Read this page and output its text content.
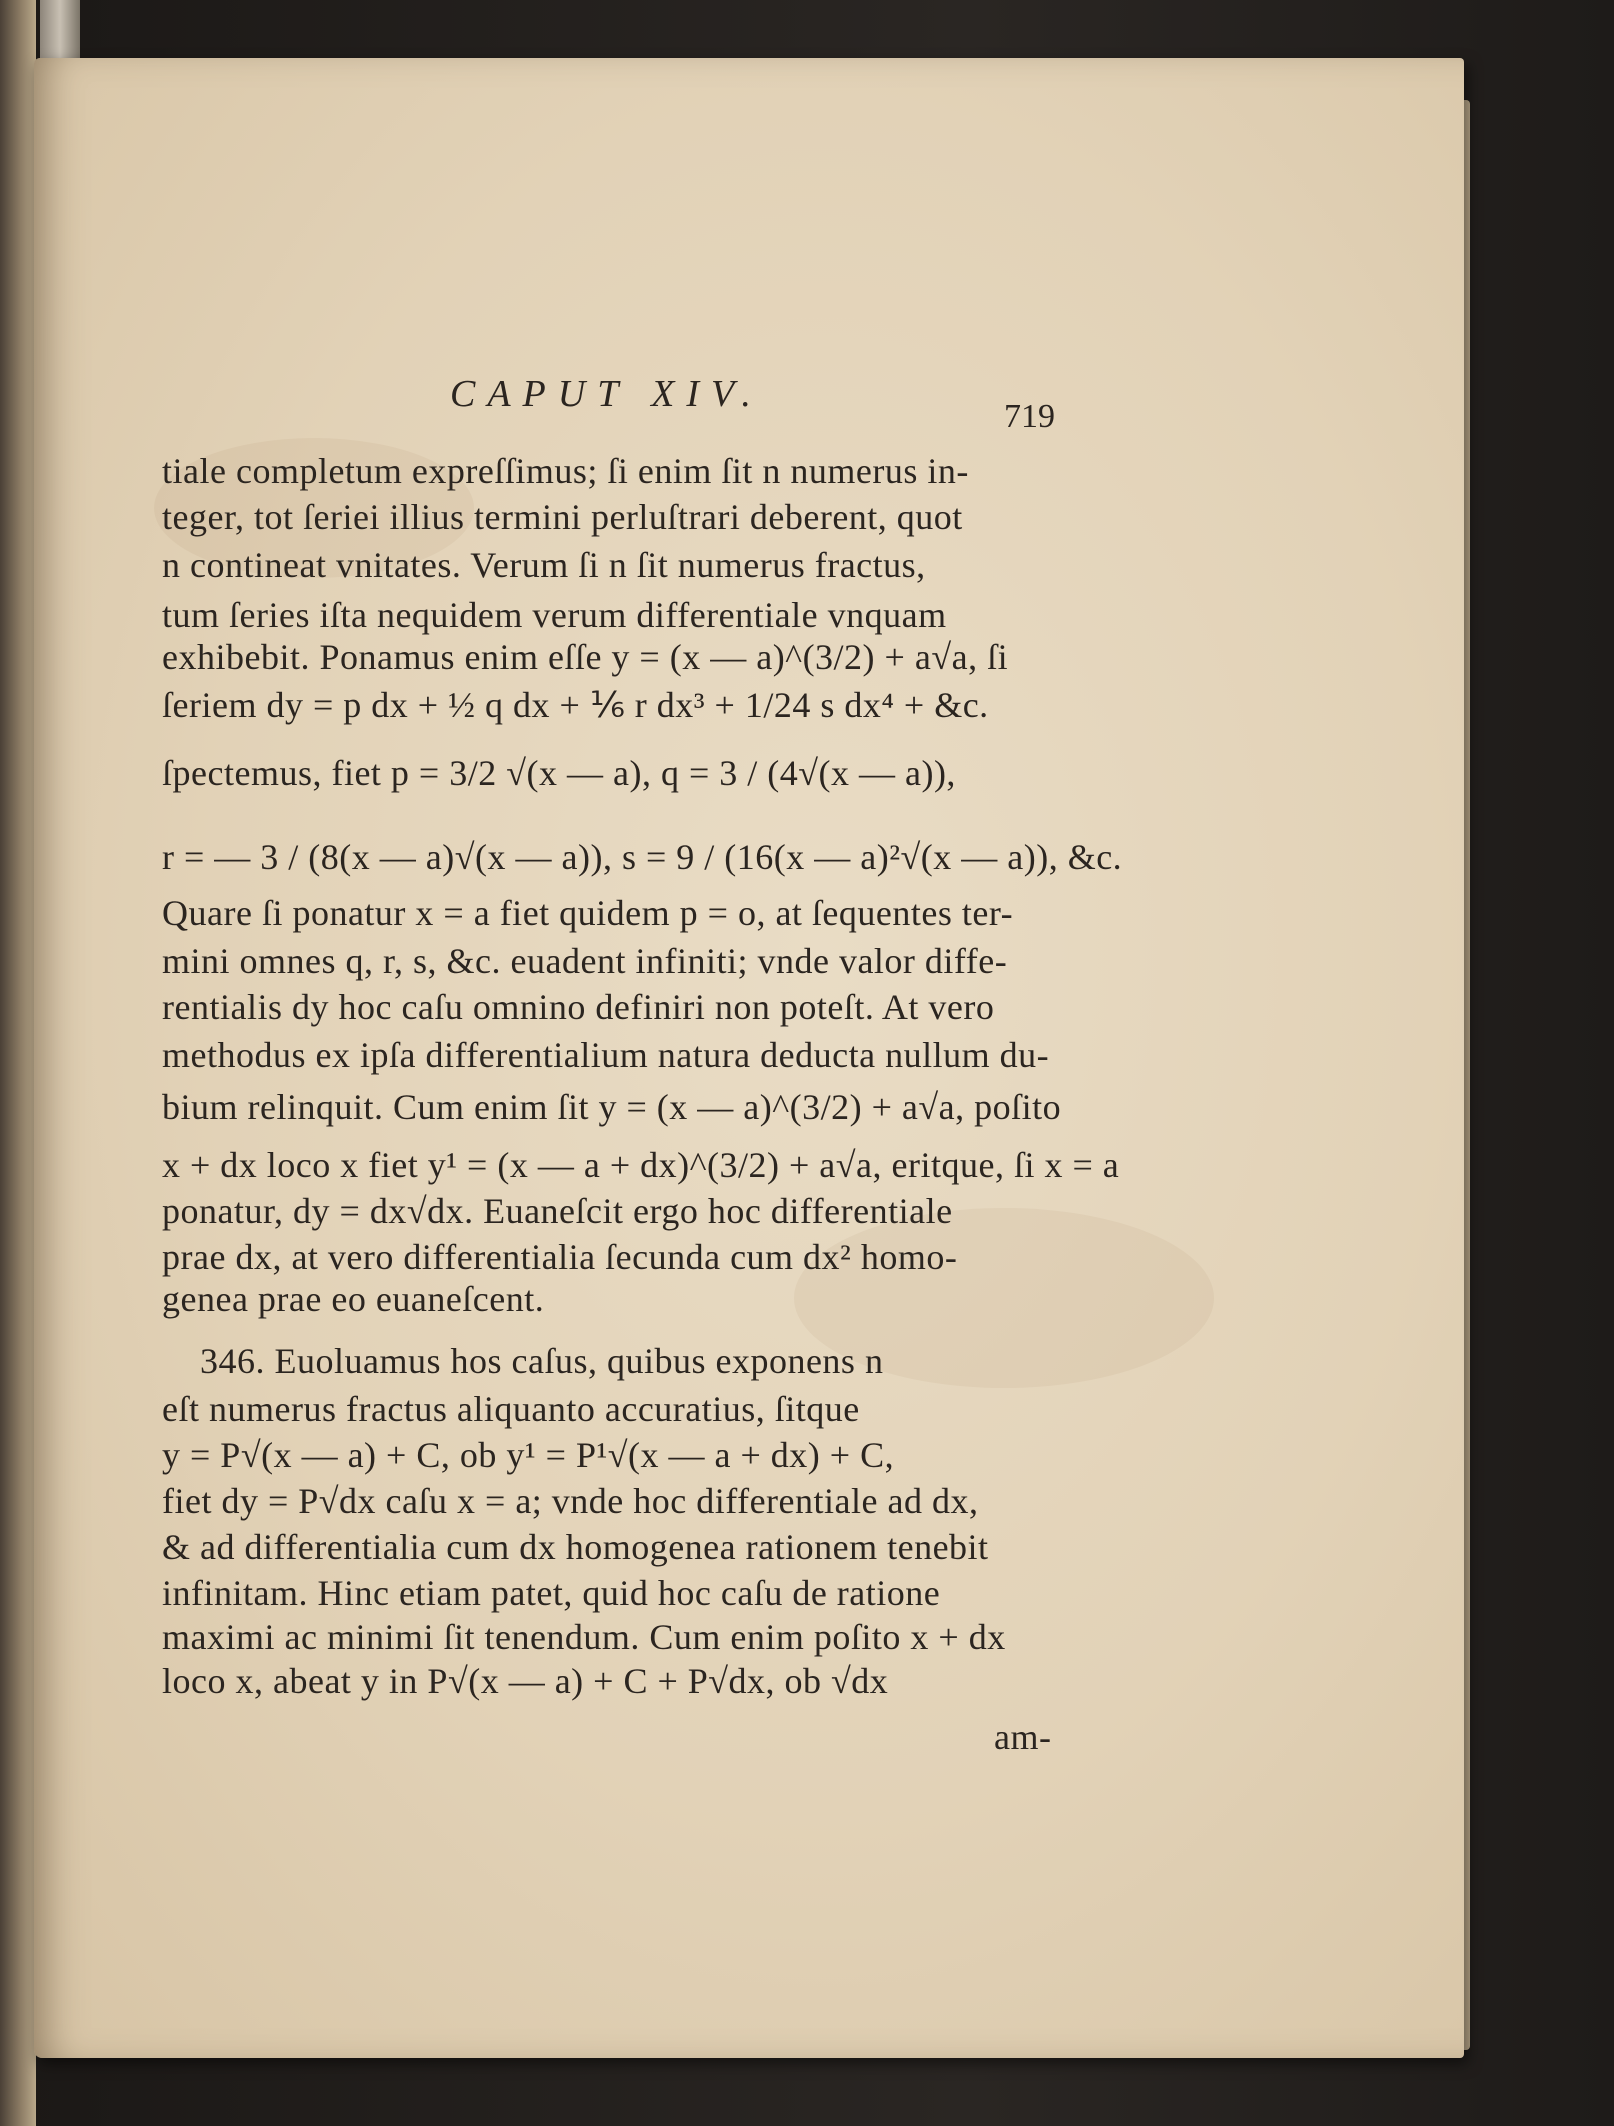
CAPUT XIV.
719
tiale completum expreſſimus; ſi enim ſit n numerus in-
teger, tot ſeriei illius termini perluſtrari deberent, quot
n contineat vnitates. Verum ſi n ſit numerus fractus,
tum ſeries iſta nequidem verum differentiale vnquam
exhibebit. Ponamus enim eſſe y = (x — a)^(3/2) + a√a, ſi
ſeriem dy = p dx + ½ q dx + ⅙ r dx³ + 1/24 s dx⁴ + &c.
ſpectemus, fiet p = 3/2 √(x — a), q = 3 / (4√(x — a)),
r = — 3 / (8(x — a)√(x — a)), s = 9 / (16(x — a)²√(x — a)), &c.
Quare ſi ponatur x = a fiet quidem p = o, at ſequentes ter-
mini omnes q, r, s, &c. euadent infiniti; vnde valor diffe-
rentialis dy hoc caſu omnino definiri non poteſt. At vero
methodus ex ipſa differentialium natura deducta nullum du-
bium relinquit. Cum enim ſit y = (x — a)^(3/2) + a√a, poſito
x + dx loco x fiet y¹ = (x — a + dx)^(3/2) + a√a, eritque, ſi x = a
ponatur, dy = dx√dx. Euaneſcit ergo hoc differentiale
prae dx, at vero differentialia ſecunda cum dx² homo-
genea prae eo euaneſcent.
346. Euoluamus hos caſus, quibus exponens n
eſt numerus fractus aliquanto accuratius, ſitque
y = P√(x — a) + C, ob y¹ = P¹√(x — a + dx) + C,
fiet dy = P√dx caſu x = a; vnde hoc differentiale ad dx,
& ad differentialia cum dx homogenea rationem tenebit
infinitam. Hinc etiam patet, quid hoc caſu de ratione
maximi ac minimi ſit tenendum. Cum enim poſito x + dx
loco x, abeat y in P√(x — a) + C + P√dx, ob √dx
am-
